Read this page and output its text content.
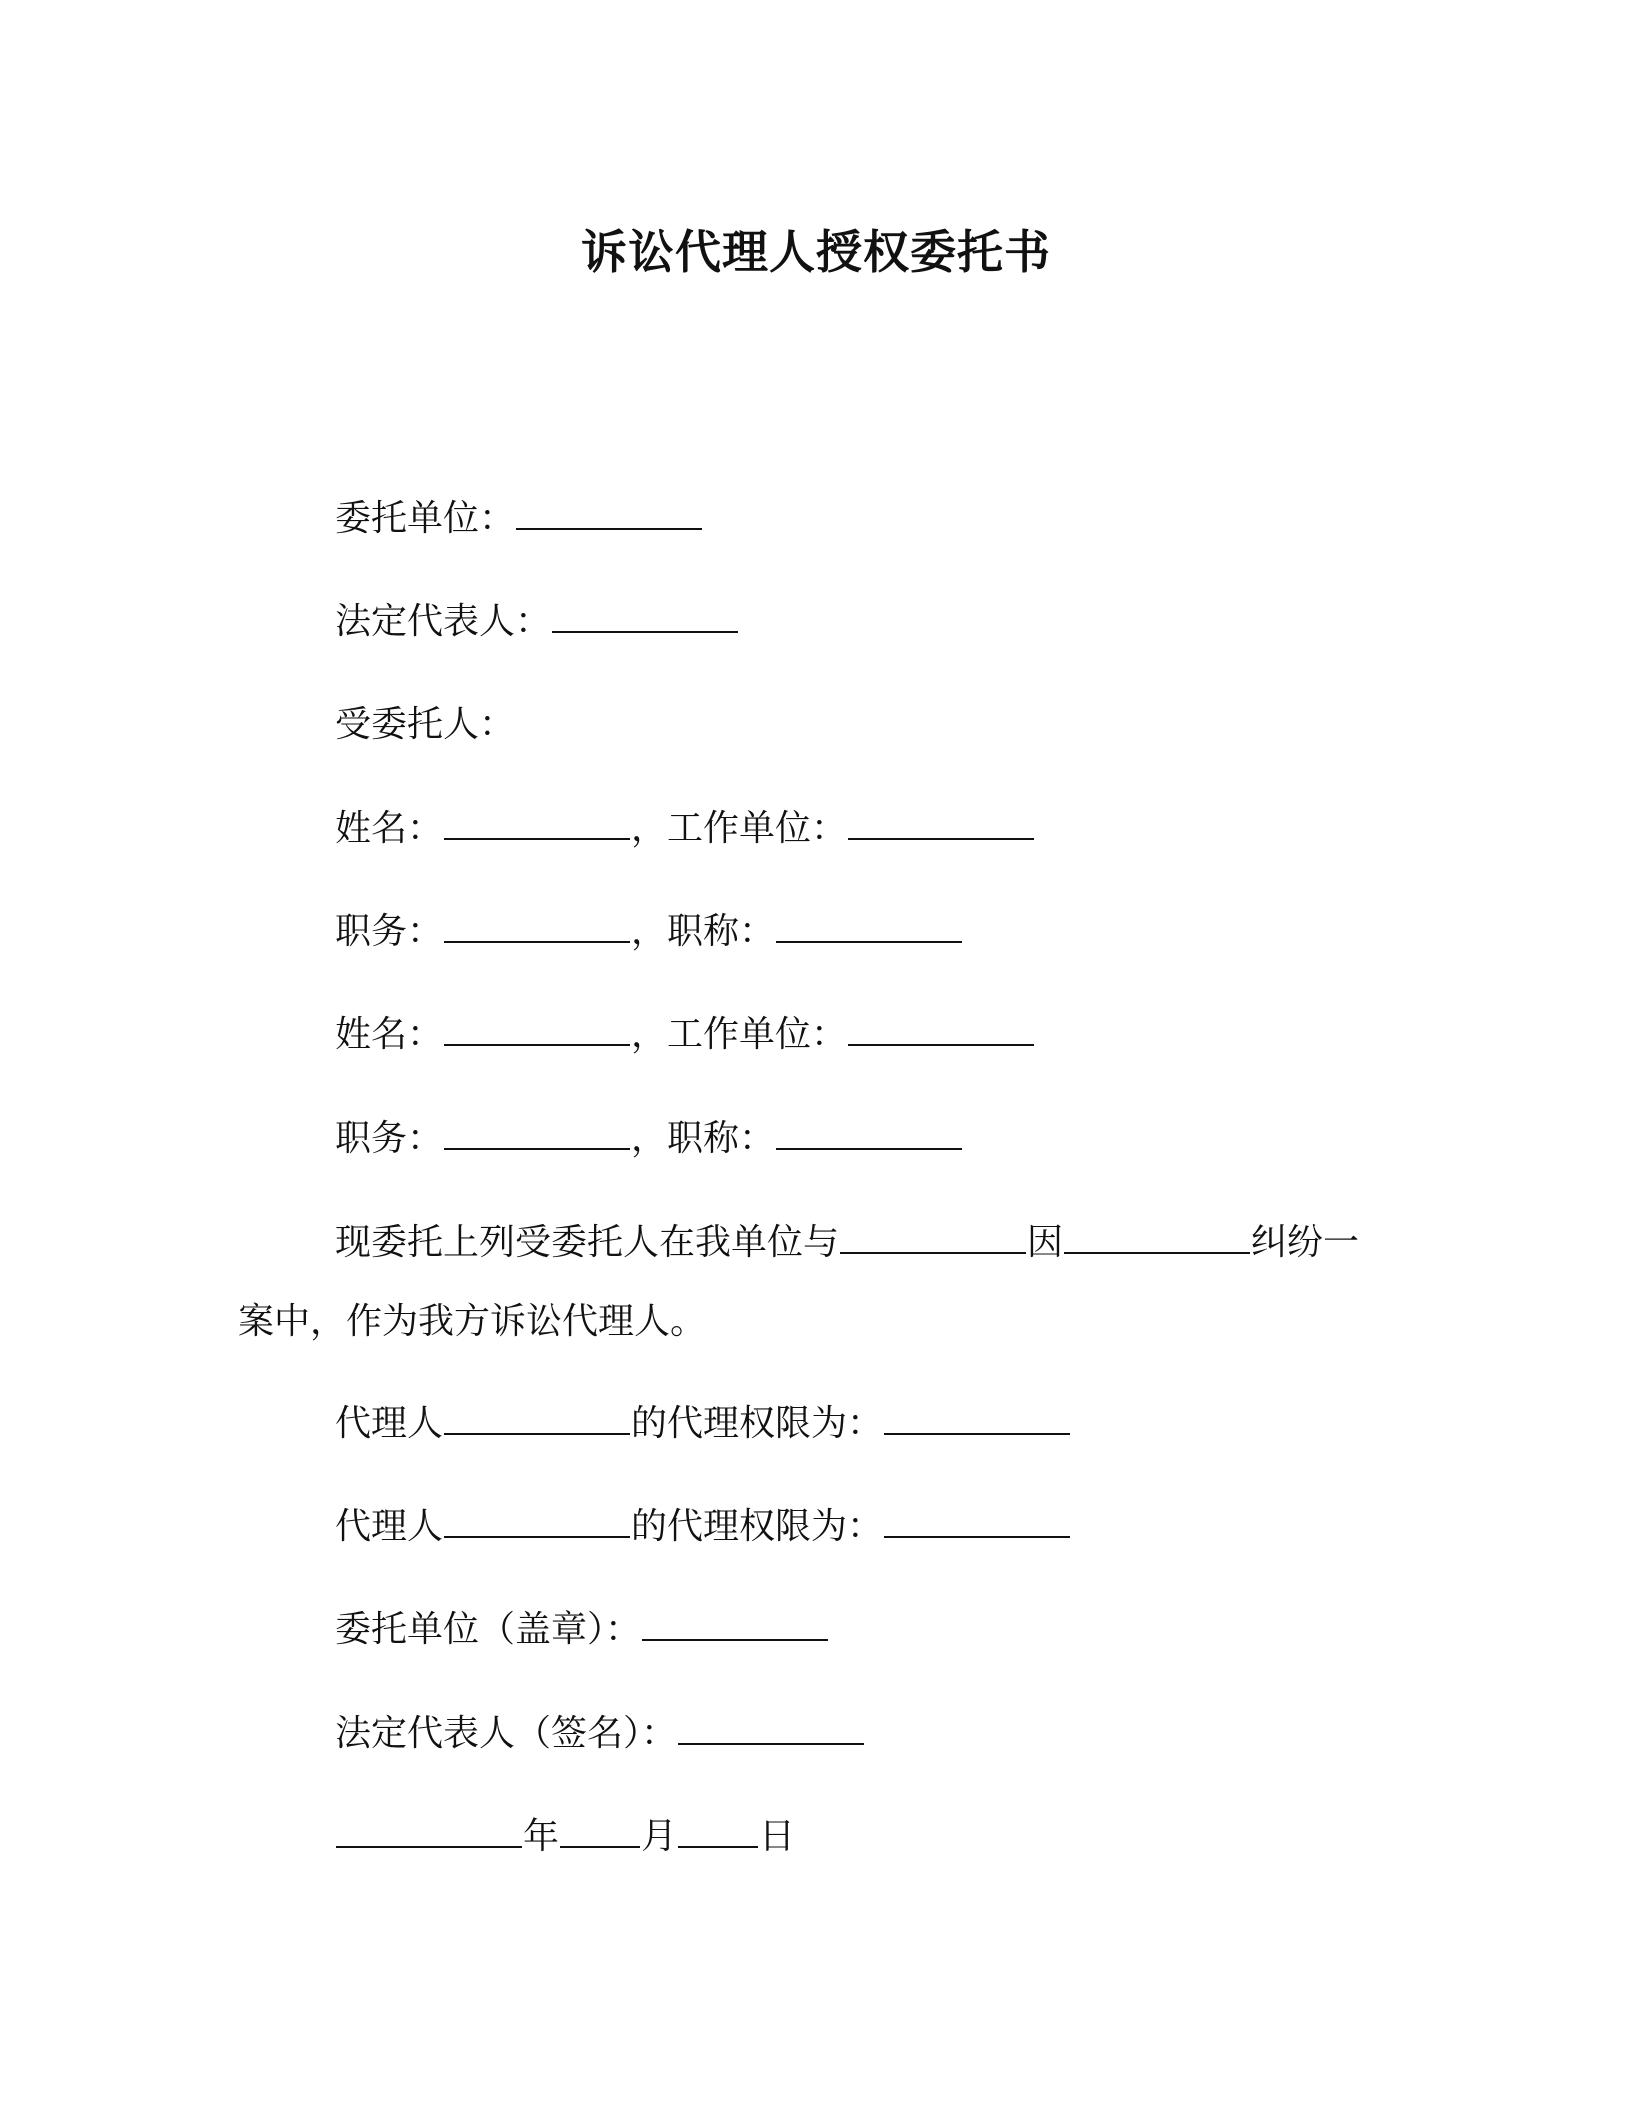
诉讼代理人授权委托书
委托单位：
法定代表人：
受委托人：
姓名：	，工作单位：
职务：	，职称：
姓名：	，工作单位：
职务：	，职称：
现委托上列受委托人在我单位与	因	纠纷一
案中，作为我方诉讼代理人。
代理人	的代理权限为：
代理人	的代理权限为：
委托单位（盖章）：
法定代表人（签名）：
年 月 日
